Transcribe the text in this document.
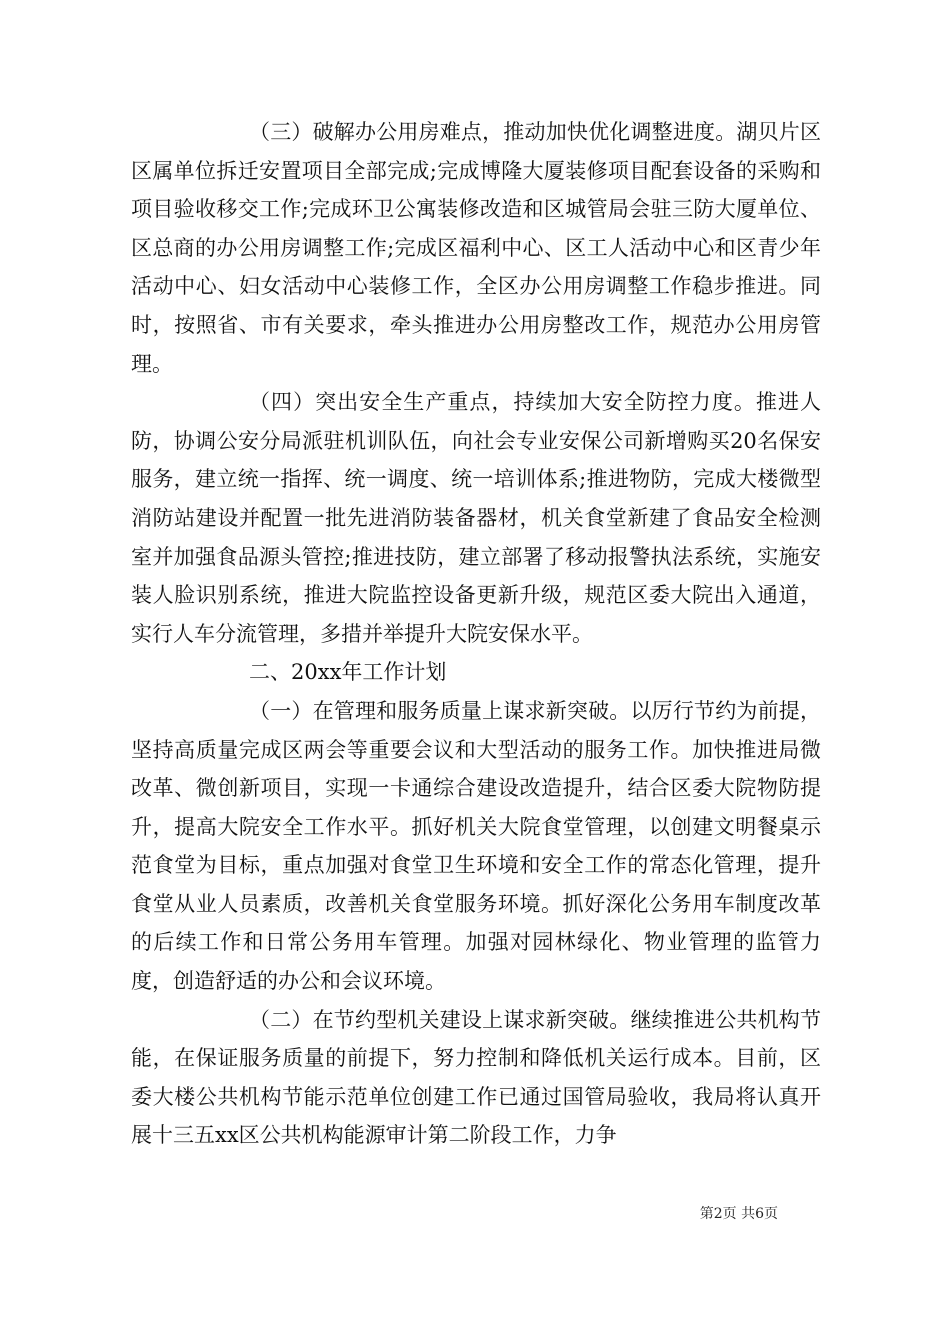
（三）破解办公用房难点，推动加快优化调整进度。湖贝片区区属单位拆迁安置项目全部完成;完成博隆大厦装修项目配套设备的采购和项目验收移交工作;完成环卫公寓装修改造和区城管局会驻三防大厦单位、区总商的办公用房调整工作;完成区福利中心、区工人活动中心和区青少年活动中心、妇女活动中心装修工作，全区办公用房调整工作稳步推进。同时，按照省、市有关要求，牵头推进办公用房整改工作，规范办公用房管理。

（四）突出安全生产重点，持续加大安全防控力度。推进人防，协调公安分局派驻机训队伍，向社会专业安保公司新增购买20名保安服务，建立统一指挥、统一调度、统一培训体系;推进物防，完成大楼微型消防站建设并配置一批先进消防装备器材，机关食堂新建了食品安全检测室并加强食品源头管控;推进技防，建立部署了移动报警执法系统，实施安装人脸识别系统，推进大院监控设备更新升级，规范区委大院出入通道，实行人车分流管理，多措并举提升大院安保水平。

二、20xx年工作计划

（一）在管理和服务质量上谋求新突破。以厉行节约为前提，坚持高质量完成区两会等重要会议和大型活动的服务工作。加快推进局微改革、微创新项目，实现一卡通综合建设改造提升，结合区委大院物防提升，提高大院安全工作水平。抓好机关大院食堂管理，以创建文明餐桌示范食堂为目标，重点加强对食堂卫生环境和安全工作的常态化管理，提升食堂从业人员素质，改善机关食堂服务环境。抓好深化公务用车制度改革的后续工作和日常公务用车管理。加强对园林绿化、物业管理的监管力度，创造舒适的办公和会议环境。

（二）在节约型机关建设上谋求新突破。继续推进公共机构节能，在保证服务质量的前提下，努力控制和降低机关运行成本。目前，区委大楼公共机构节能示范单位创建工作已通过国管局验收，我局将认真开展十三五xx区公共机构能源审计第二阶段工作，力争

第2页 共6页
